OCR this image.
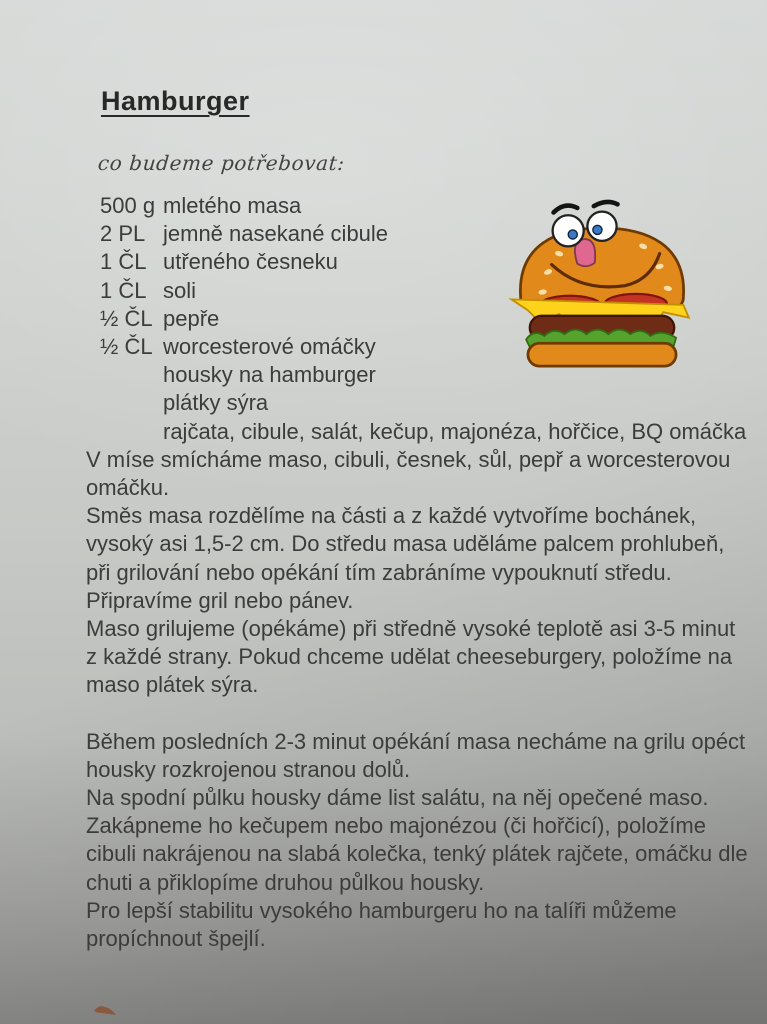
Hamburger
co budeme potřebovat:
500 g mletého masa
2 PL jemně nasekané cibule
1 ČL utřeného česneku
1 ČL soli
½ ČL pepře
½ ČL worcesterové omáčky
housky na hamburger
plátky sýra
rajčata, cibule, salát, kečup, majonéza, hořčice, BQ omáčka

V míse smícháme maso, cibuli, česnek, sůl, pepř a worcesterovou omáčku.

Směs masa rozdělíme na části a z každé vytvoříme bochánek, vysoký asi 1,5-2 cm. Do středu masa uděláme palcem prohlubeň, při grilování nebo opékání tím zabráníme vypouknutí středu.

Připravíme gril nebo pánev.

Maso grilujeme (opékáme) při středně vysoké teplotě asi 3-5 minut z každé strany. Pokud chceme udělat cheeseburgery, položíme na maso plátek sýra.

Během posledních 2-3 minut opékání masa necháme na grilu opéct housky rozkrojenou stranou dolů.

Na spodní půlku housky dáme list salátu, na něj opečené maso.

Zakápneme ho kečupem nebo majonézou (či hořčicí), položíme cibuli nakrájenou na slabá kolečka, tenký plátek rajčete, omáčku dle chuti a přiklopíme druhou půlkou housky.

Pro lepší stabilitu vysokého hamburgeru ho na talíři můžeme propíchnout špejlí.
